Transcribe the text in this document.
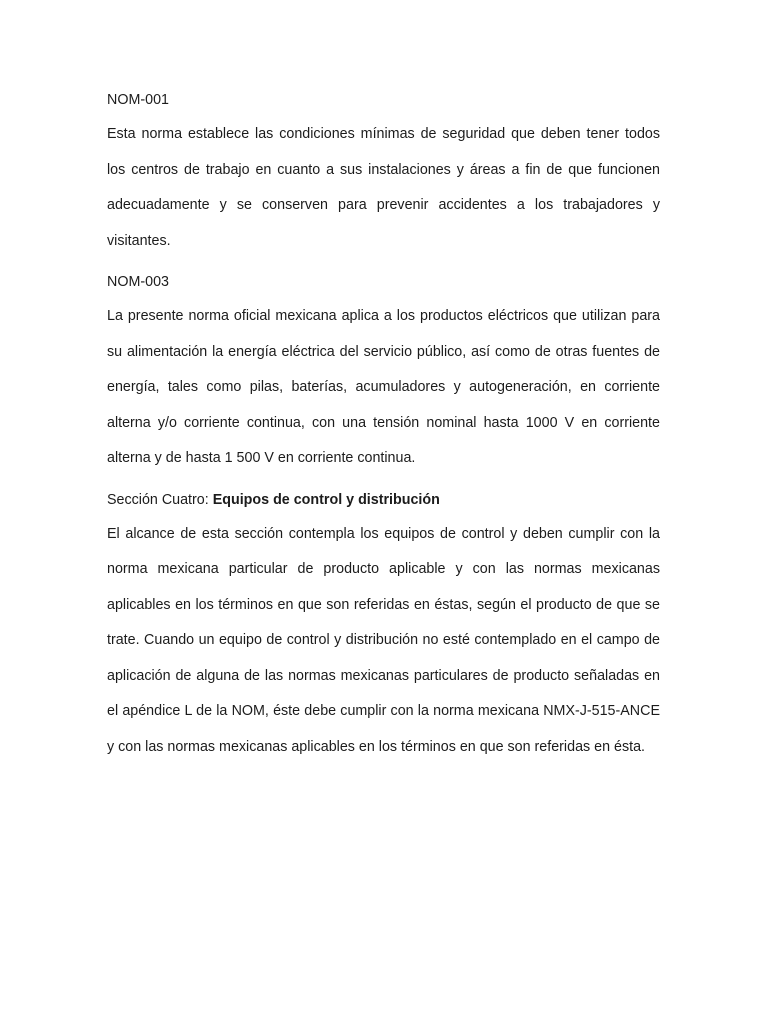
NOM-001

Esta norma establece las condiciones mínimas de seguridad que deben tener todos los centros de trabajo en cuanto a sus instalaciones y áreas a fin de que funcionen adecuadamente y se conserven para prevenir accidentes a los trabajadores y visitantes.

NOM-003

La presente norma oficial mexicana aplica a los productos eléctricos que utilizan para su alimentación la energía eléctrica del servicio público, así como de otras fuentes de energía, tales como pilas, baterías, acumuladores y autogeneración, en corriente alterna y/o corriente continua, con una tensión nominal hasta 1000 V en corriente alterna y de hasta 1 500 V en corriente continua.

Sección Cuatro: Equipos de control y distribución

El alcance de esta sección contempla los equipos de control y deben cumplir con la norma mexicana particular de producto aplicable y con las normas mexicanas aplicables en los términos en que son referidas en éstas, según el producto de que se trate. Cuando un equipo de control y distribución no esté contemplado en el campo de aplicación de alguna de las normas mexicanas particulares de producto señaladas en el apéndice L de la NOM, éste debe cumplir con la norma mexicana NMX-J-515-ANCE y con las normas mexicanas aplicables en los términos en que son referidas en ésta.
